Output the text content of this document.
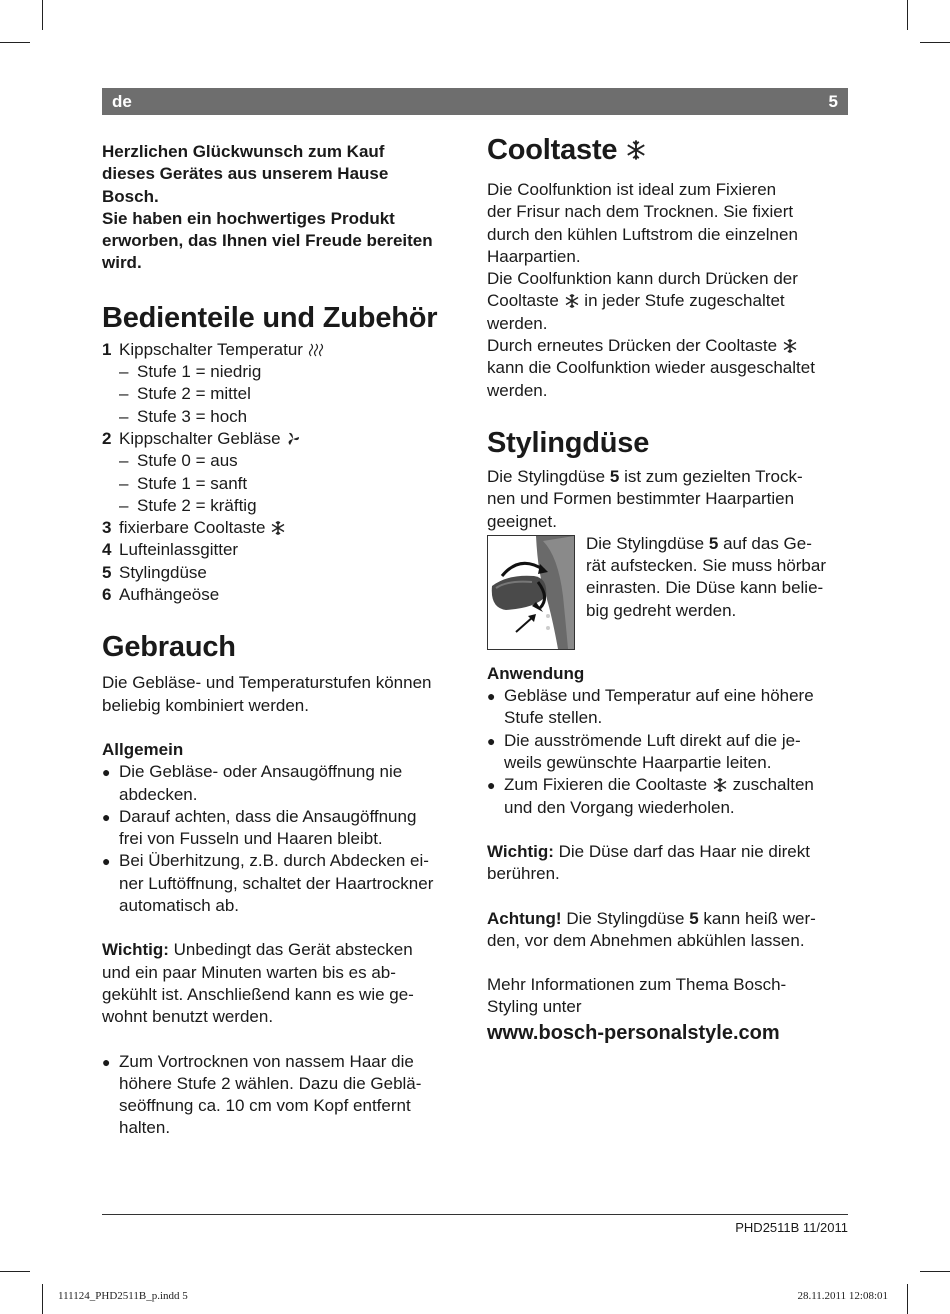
de	5
Herzlichen Glückwunsch zum Kauf
dieses Gerätes aus unserem Hause
Bosch.
Sie haben ein hochwertiges Produkt
erworben, das Ihnen viel Freude bereiten
wird.
Bedienteile und Zubehör
1 Kippschalter Temperatur
– Stufe 1 = niedrig
– Stufe 2 = mittel
– Stufe 3 = hoch
2 Kippschalter Gebläse
– Stufe 0 = aus
– Stufe 1 = sanft
– Stufe 2 = kräftig
3 fixierbare Cooltaste
4 Lufteinlassgitter
5 Stylingdüse
6 Aufhängeöse
Gebrauch

Die Gebläse- und Temperaturstufen können
beliebig kombiniert werden.

Allgemein

● Die Gebläse- oder Ansaugöffnung nie
abdecken.
● Darauf achten, dass die Ansaugöffnung
frei von Fusseln und Haaren bleibt.
● Bei Überhitzung, z.B. durch Abdecken ei-
ner Luftöffnung, schaltet der Haartrockner
automatisch ab.

Wichtig: Unbedingt das Gerät abstecken
und ein paar Minuten warten bis es ab-
gekühlt ist. Anschließend kann es wie ge-
wohnt benutzt werden.

● Zum Vortrocknen von nassem Haar die
höhere Stufe 2 wählen. Dazu die Geblä-
seöffnung ca. 10 cm vom Kopf entfernt
halten.
Cooltaste

Die Coolfunktion ist ideal zum Fixieren
der Frisur nach dem Trocknen. Sie fixiert
durch den kühlen Luftstrom die einzelnen
Haarpartien.
Die Coolfunktion kann durch Drücken der
Cooltaste in jeder Stufe zugeschaltet
werden.
Durch erneutes Drücken der Cooltaste
kann die Coolfunktion wieder ausgeschaltet
werden.

Stylingdüse

Die Stylingdüse 5 ist zum gezielten Trock-
nen und Formen bestimmter Haarpartien
geeignet.

Die Stylingdüse 5 auf das Ge-
rät aufstecken. Sie muss hörbar
einrasten. Die Düse kann belie-
big gedreht werden.

Anwendung

● Gebläse und Temperatur auf eine höhere
Stufe stellen.
● Die ausströmende Luft direkt auf die je-
weils gewünschte Haarpartie leiten.
● Zum Fixieren die Cooltaste zuschalten
und den Vorgang wiederholen.

Wichtig: Die Düse darf das Haar nie direkt
berühren.

Achtung! Die Stylingdüse 5 kann heiß wer-
den, vor dem Abnehmen abkühlen lassen.

Mehr Informationen zum Thema Bosch-
Styling unter

www.bosch-personalstyle.com
PHD2511B 11/2011
111124_PHD2511B_p.indd 5	28.11.2011 12:08:01
